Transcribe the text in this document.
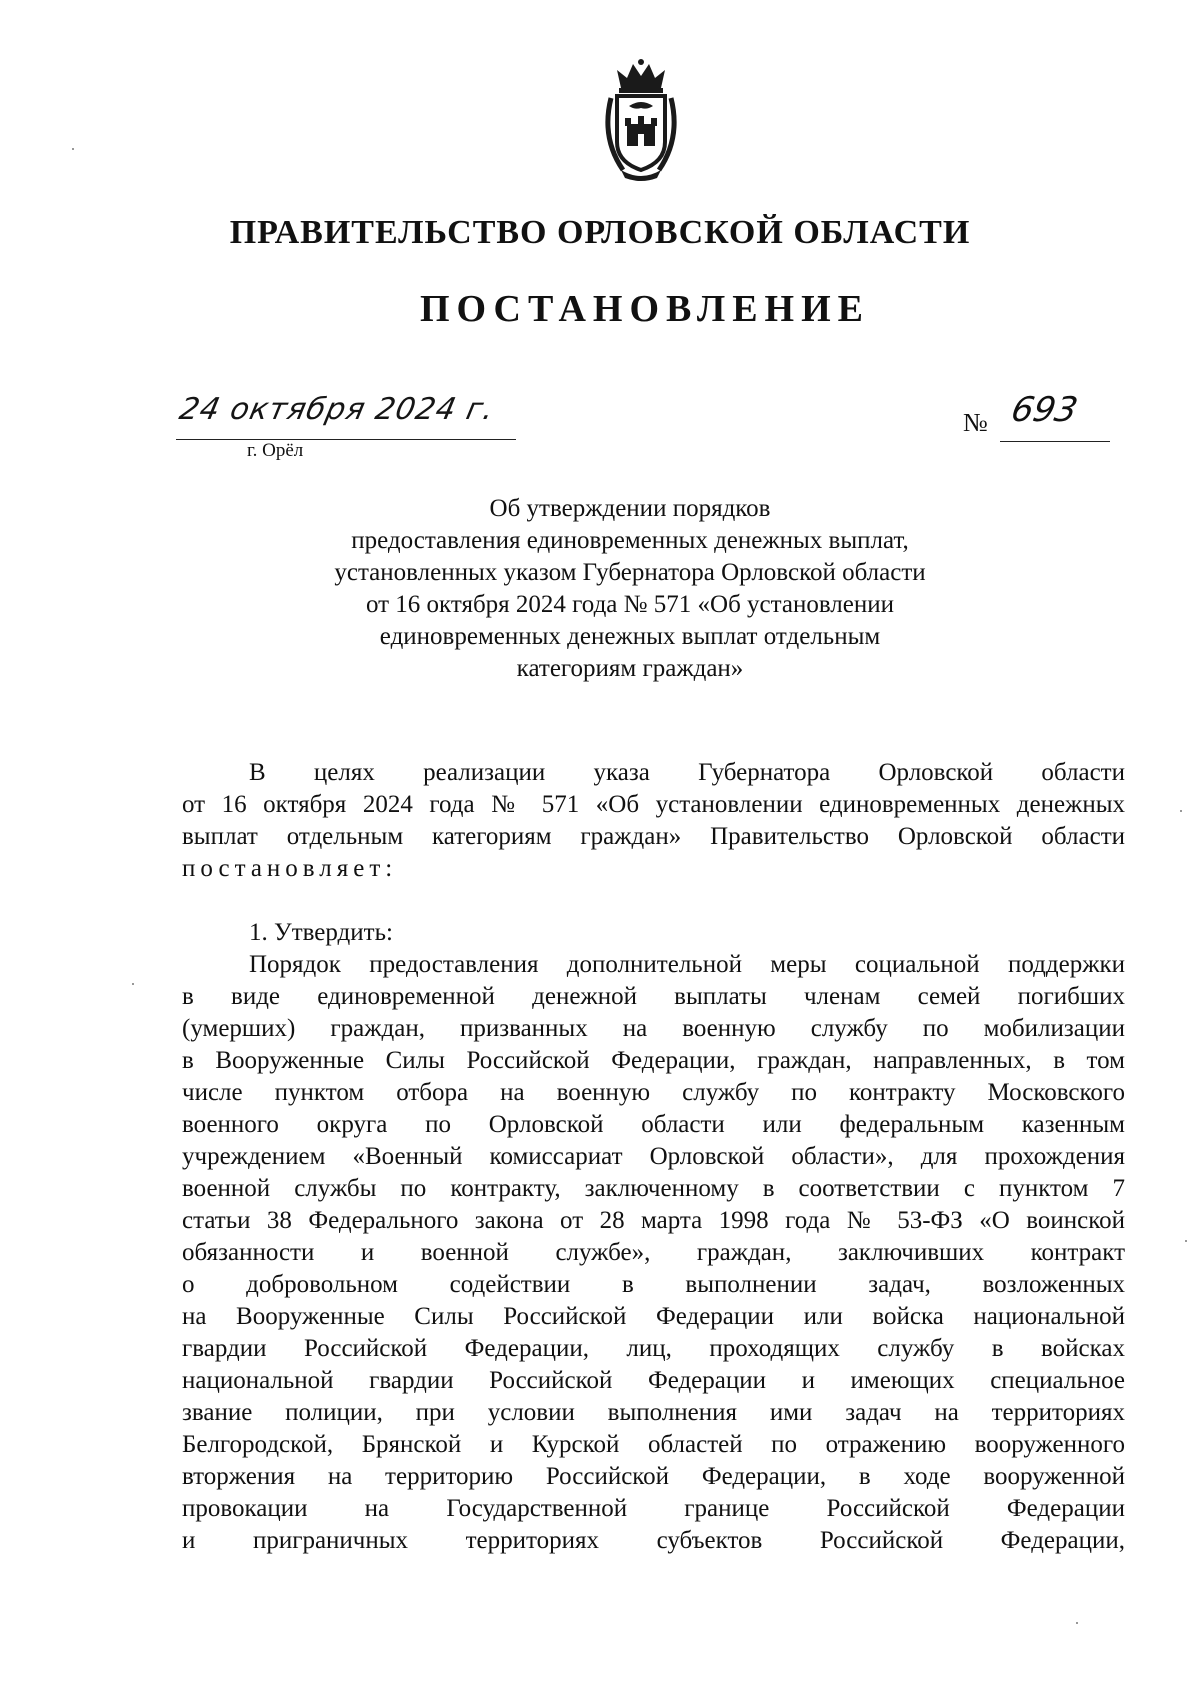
ПРАВИТЕЛЬСТВО ОРЛОВСКОЙ ОБЛАСТИ
ПОСТАНОВЛЕНИЕ
24 октября 2024 г.
г. Орёл
№ 693
Об утверждении порядков
предоставления единовременных денежных выплат,
установленных указом Губернатора Орловской области
от 16 октября 2024 года № 571 «Об установлении
единовременных денежных выплат отдельным
категориям граждан»
В целях реализации указа Губернатора Орловской области
от 16 октября 2024 года № 571 «Об установлении единовременных денежных
выплат отдельным категориям граждан» Правительство Орловской области
постановляет:
1. Утвердить:
Порядок предоставления дополнительной меры социальной поддержки
в виде единовременной денежной выплаты членам семей погибших
(умерших) граждан, призванных на военную службу по мобилизации
в Вооруженные Силы Российской Федерации, граждан, направленных, в том
числе пунктом отбора на военную службу по контракту Московского
военного округа по Орловской области или федеральным казенным
учреждением «Военный комиссариат Орловской области», для прохождения
военной службы по контракту, заключенному в соответствии с пунктом 7
статьи 38 Федерального закона от 28 марта 1998 года № 53-ФЗ «О воинской
обязанности и военной службе», граждан, заключивших контракт
о добровольном содействии в выполнении задач, возложенных
на Вооруженные Силы Российской Федерации или войска национальной
гвардии Российской Федерации, лиц, проходящих службу в войсках
национальной гвардии Российской Федерации и имеющих специальное
звание полиции, при условии выполнения ими задач на территориях
Белгородской, Брянской и Курской областей по отражению вооруженного
вторжения на территорию Российской Федерации, в ходе вооруженной
провокации на Государственной границе Российской Федерации
и приграничных территориях субъектов Российской Федерации,
